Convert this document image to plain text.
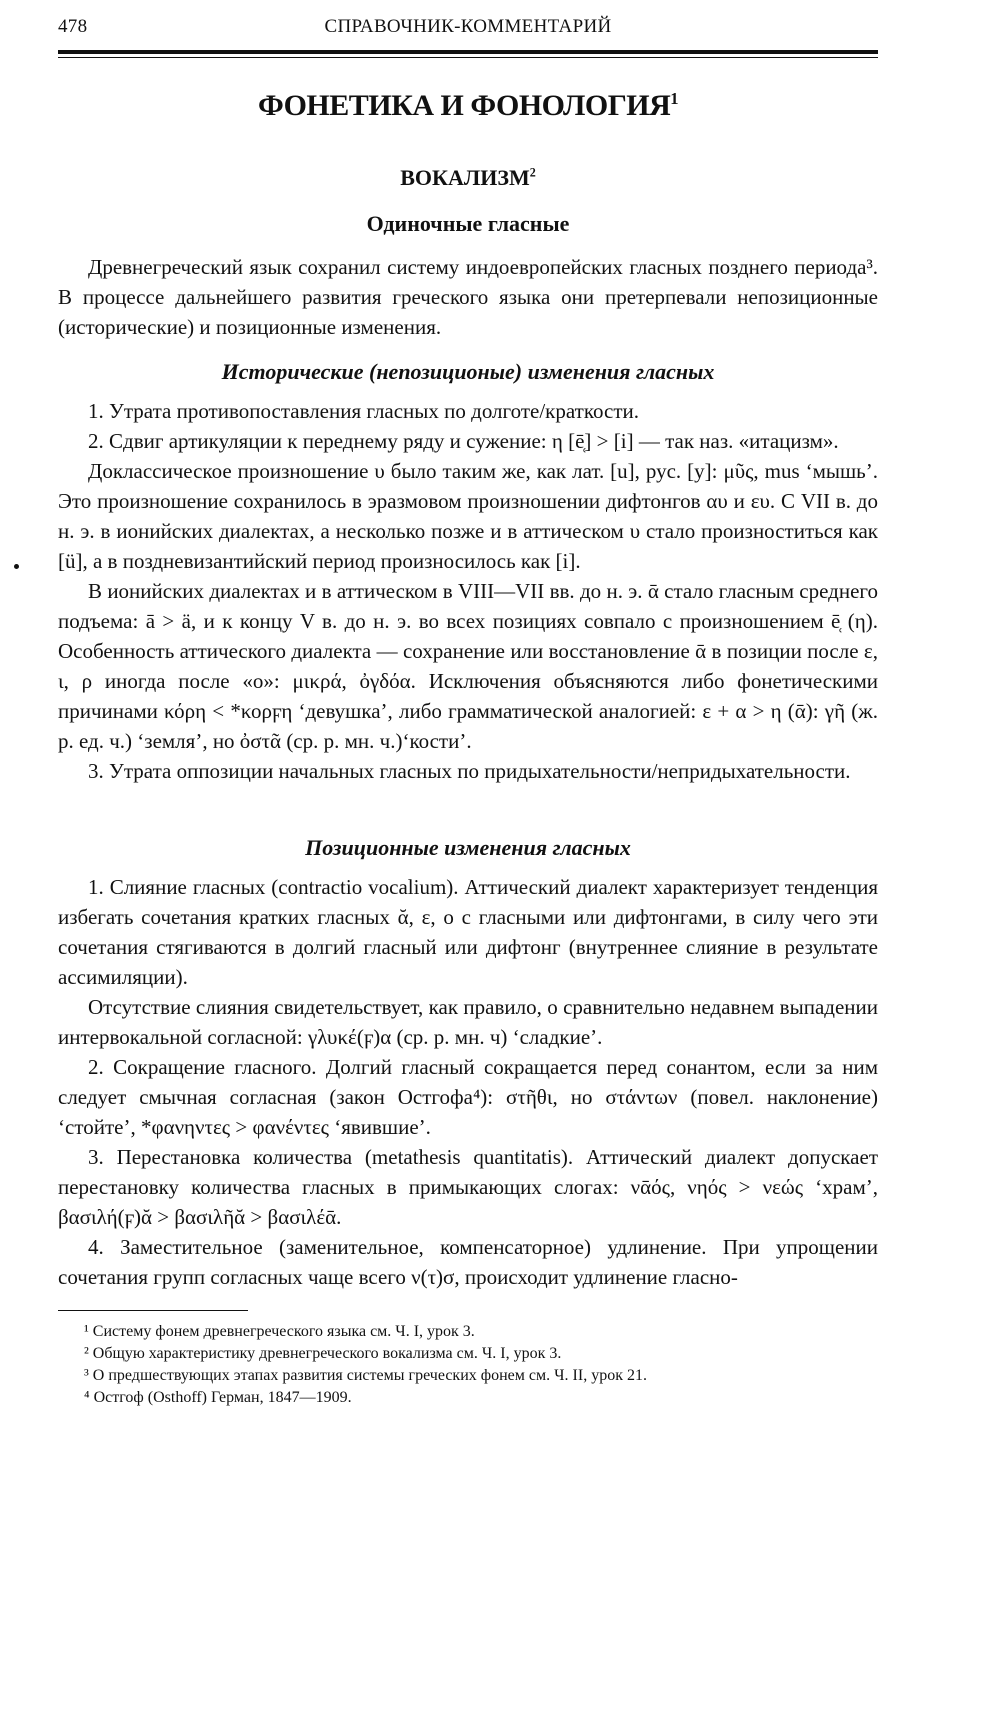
478	СПРАВОЧНИК-КОММЕНТАРИЙ
ФОНЕТИКА И ФОНОЛОГИЯ$^1$
ВОКАЛИЗМ$^2$
Одиночные гласные

Древнегреческий язык сохранил систему индоевропейских гласных позднего периода³. В процессе дальнейшего развития греческого языка они претерпевали непозиционные (исторические) и позиционные изменения.

Исторические (непозиционые) изменения гласных

1. Утрата противопоставления гласных по долготе/краткости.

2. Сдвиг артикуляции к переднему ряду и сужение: η [ē̜] > [i] — так наз. «итацизм».

Доклассическое произношение υ было таким же, как лат. [u], рус. [у]: μῦς, mus ‘мышь’. Это произношение сохранилось в эразмовом произношении дифтонгов αυ и ευ. С VII в. до н. э. в ионийских диалектах, а несколько позже и в аттическом υ стало произноститься как [ü], а в поздневизантийский период произносилось как [i].

В ионийских диалектах и в аттическом в VIII—VII вв. до н. э. ᾱ стало гласным среднего подъема: ā > ä, и к концу V в. до н. э. во всех позициях совпало с произношением ē̜ (η). Особенность аттического диалекта — сохранение или восстановление ᾱ в позиции после ε, ι, ρ иногда после «о»: μικρά, ὀγδόα. Исключения объясняются либо фонетическими причинами κόρη < *κορϝη ‘девушка’, либо грамматической аналогией: ε + α > η (ᾱ): γῆ (ж. р. ед. ч.) ‘земля’, но ὀστᾶ (ср. р. мн. ч.)‘кости’.

3. Утрата оппозиции начальных гласных по придыхательности/непридыхательности.

Позиционные изменения гласных

1. Слияние гласных (contractio vocalium). Аттический диалект характеризует тенденция избегать сочетания кратких гласных ᾰ, ε, ο с гласными или дифтонгами, в силу чего эти сочетания стягиваются в долгий гласный или дифтонг (внутреннее слияние в результате ассимиляции).

Отсутствие слияния свидетельствует, как правило, о сравнительно недавнем выпадении интервокальной согласной: γλυκέ(ϝ)α (ср. р. мн. ч) ‘сладкие’.

2. Сокращение гласного. Долгий гласный сокращается перед сонантом, если за ним следует смычная согласная (закон Остгофа⁴): στῆθι, но στάντων (повел. наклонение) ‘стойте’, *φανηντες > φανέντες ‘явившие’.

3. Перестановка количества (metathesis quantitatis). Аттический диалект допускает перестановку количества гласных в примыкающих слогах: νᾱός, νηός > νεώς ‘храм’, βασιλή(ϝ)ᾰ > βασιλῆᾰ > βασιλέᾱ.

4. Заместительное (заменительное, компенсаторное) удлинение. При упрощении сочетания групп согласных чаще всего ν(τ)σ, происходит удлинение гласно-

¹ Систему фонем древнегреческого языка см. Ч. I, урок 3.

² Общую характеристику древнегреческого вокализма см. Ч. I, урок 3.

³ О предшествующих этапах развития системы греческих фонем см. Ч. II, урок 21.

⁴ Остгоф (Osthoff) Герман, 1847—1909.
